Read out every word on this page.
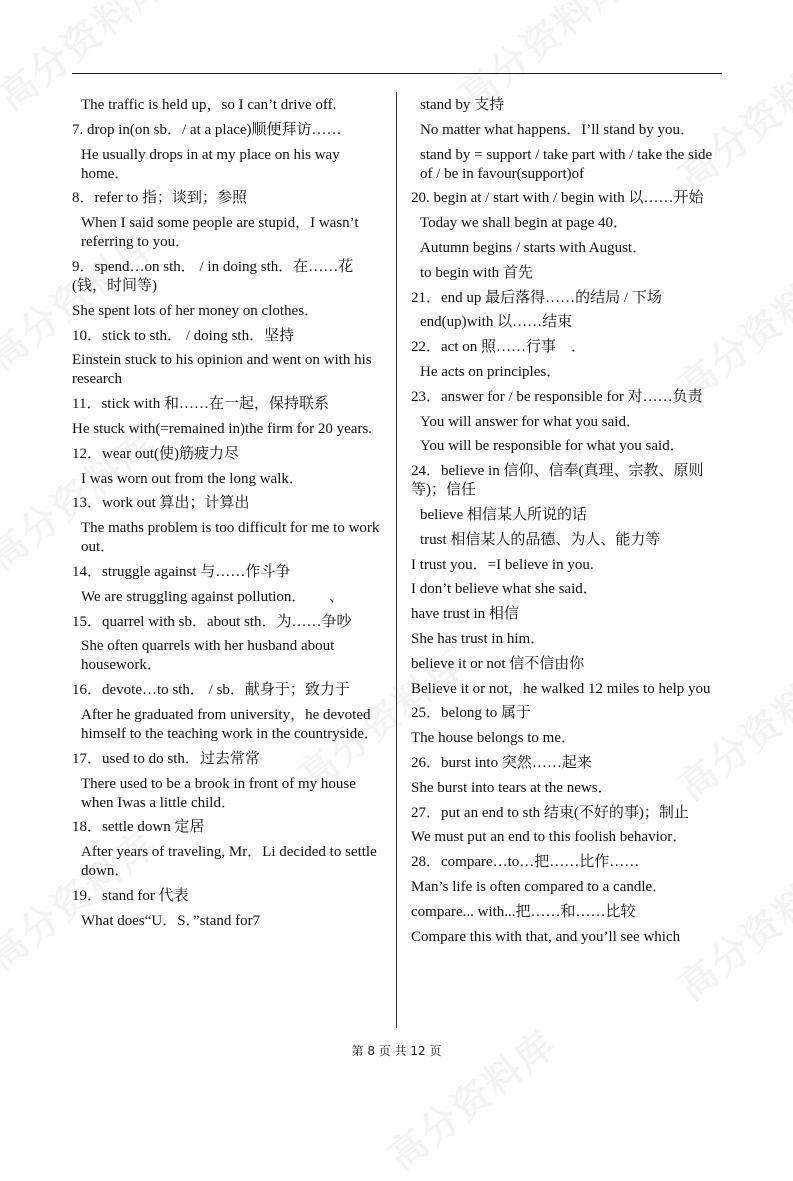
The traffic is held up，so I can’t drive off.
7. drop in(on sb．/ at a place)顺便拜访……
He usually drops in at my place on his way home．
8．refer to 指；谈到；参照
When I said some people are stupid，I wasn’t referring to you．
9．spend…on sth． / in doing sth．在……花(钱，时间等)
She spent lots of her money on clothes．
10．stick to sth． / doing sth．坚持
Einstein stuck to his opinion and went on with his research
11．stick with 和……在一起，保持联系
He stuck with(=remained in)the firm for 20 years.
12．wear out(使)筋疲力尽
I was worn out from the long walk．
13．work out 算出；计算出
The maths problem is too difficult for me to work out．
14．struggle against 与……作斗争
We are struggling against pollution．　　、
15．quarrel with sb．about sth．为……争吵
She often quarrels with her husband about housework．
16．devote…to sth． / sb．献身于；致力于
After he graduated from university，he devoted himself to the teaching work in the countryside．
17．used to do sth．过去常常
There used to be a brook in front of my house when Iwas a little child．
18．settle down 定居
After years of traveling, Mr．Li decided to settle down．
19．stand for 代表
What does“U．S．”stand for7
stand by 支持
No matter what happens．I’ll stand by you．
stand by = support / take part with / take the side of / be in favour(support)of
20. begin at / start with / begin with 以……开始
Today we shall begin at page 40．
Autumn begins / starts with August．
to begin with 首先
21．end up 最后落得……的结局 / 下场
end(up)with 以……结束
22．act on 照……行事　．
He acts on principles．
23．answer for / be responsible for 对……负责
You will answer for what you said．
You will be responsible for what you said．
24．believe in 信仰、信奉(真理、宗教、原则等)；信任
believe 相信某人所说的话
trust 相信某人的品德、为人、能力等
I trust you．=I believe in you.
I don’t believe what she said．
have trust in 相信
She has trust in him．
believe it or not 信不信由你
Believe it or not，he walked 12 miles to help you
25．belong to 属于
The house belongs to me．
26．burst into 突然……起来
She burst into tears at the news．
27．put an end to sth 结束(不好的事)；制止
We must put an end to this foolish behavior．
28．compare…to…把……比作……
Man’s life is often compared to a candle．
compare... with...把……和……比较
Compare this with that, and you’ll see which
第 8 页 共 12 页
